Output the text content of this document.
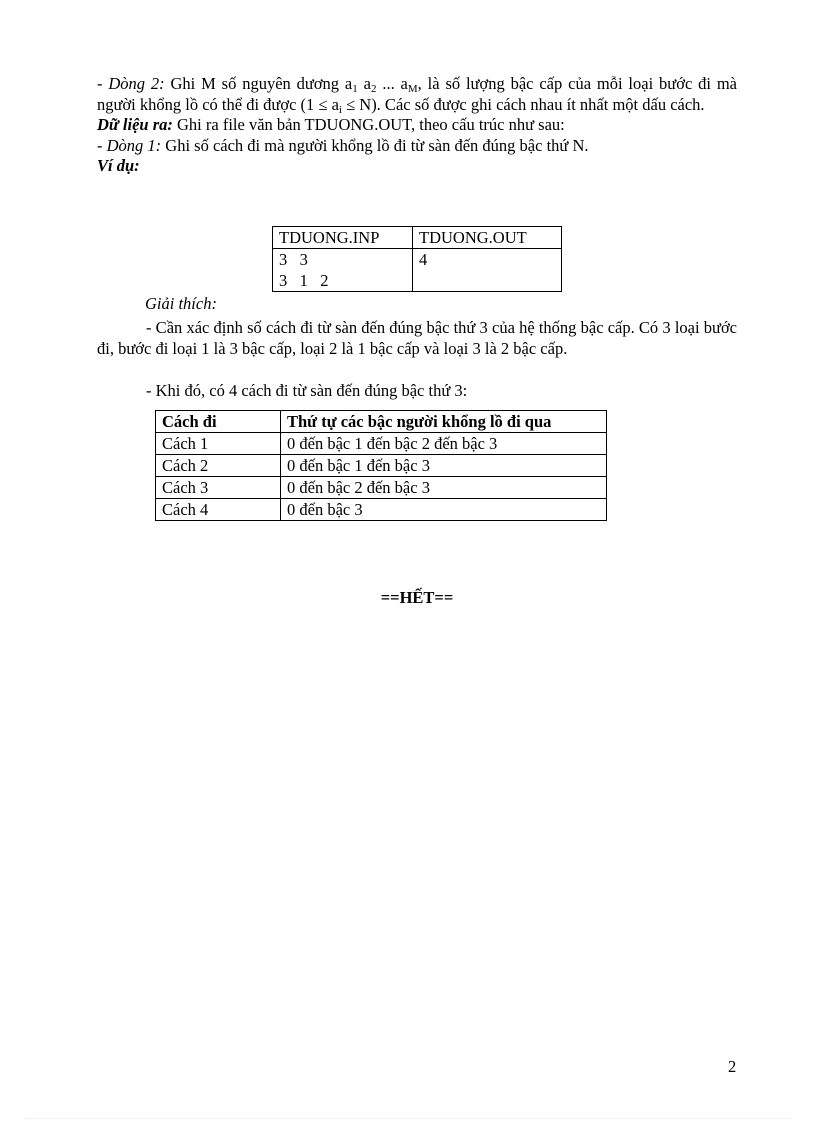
- Dòng 2: Ghi M số nguyên dương $a_1$ $a_2$ ... $a_M$, là số lượng bậc cấp của mỗi loại bước đi mà người khổng lồ có thể đi được $(1 \le a_i \le N)$. Các số được ghi cách nhau ít nhất một dấu cách.
Dữ liệu ra: Ghi ra file văn bản TDUONG.OUT, theo cấu trúc như sau:
- Dòng 1: Ghi số cách đi mà người khổng lồ đi từ sàn đến đúng bậc thứ N.
Ví dụ:
TDUONG.INP	TDUONG.OUT

3   3
3   1   2	4
Giải thích:
- Cần xác định số cách đi từ sàn đến đúng bậc thứ 3 của hệ thống bậc cấp. Có 3 loại bước đi, bước đi loại 1 là 3 bậc cấp, loại 2 là 1 bậc cấp và loại 3 là 2 bậc cấp.
- Khi đó, có 4 cách đi từ sàn đến đúng bậc thứ 3:
Cách đi	Thứ tự các bậc người khổng lồ đi qua
Cách 1	0 đến bậc 1 đến bậc 2 đến bậc 3
Cách 2	0 đến bậc 1 đến bậc 3
Cách 3	0 đến bậc 2 đến bậc 3
Cách 4	0 đến bậc 3
==HẾT==
2
